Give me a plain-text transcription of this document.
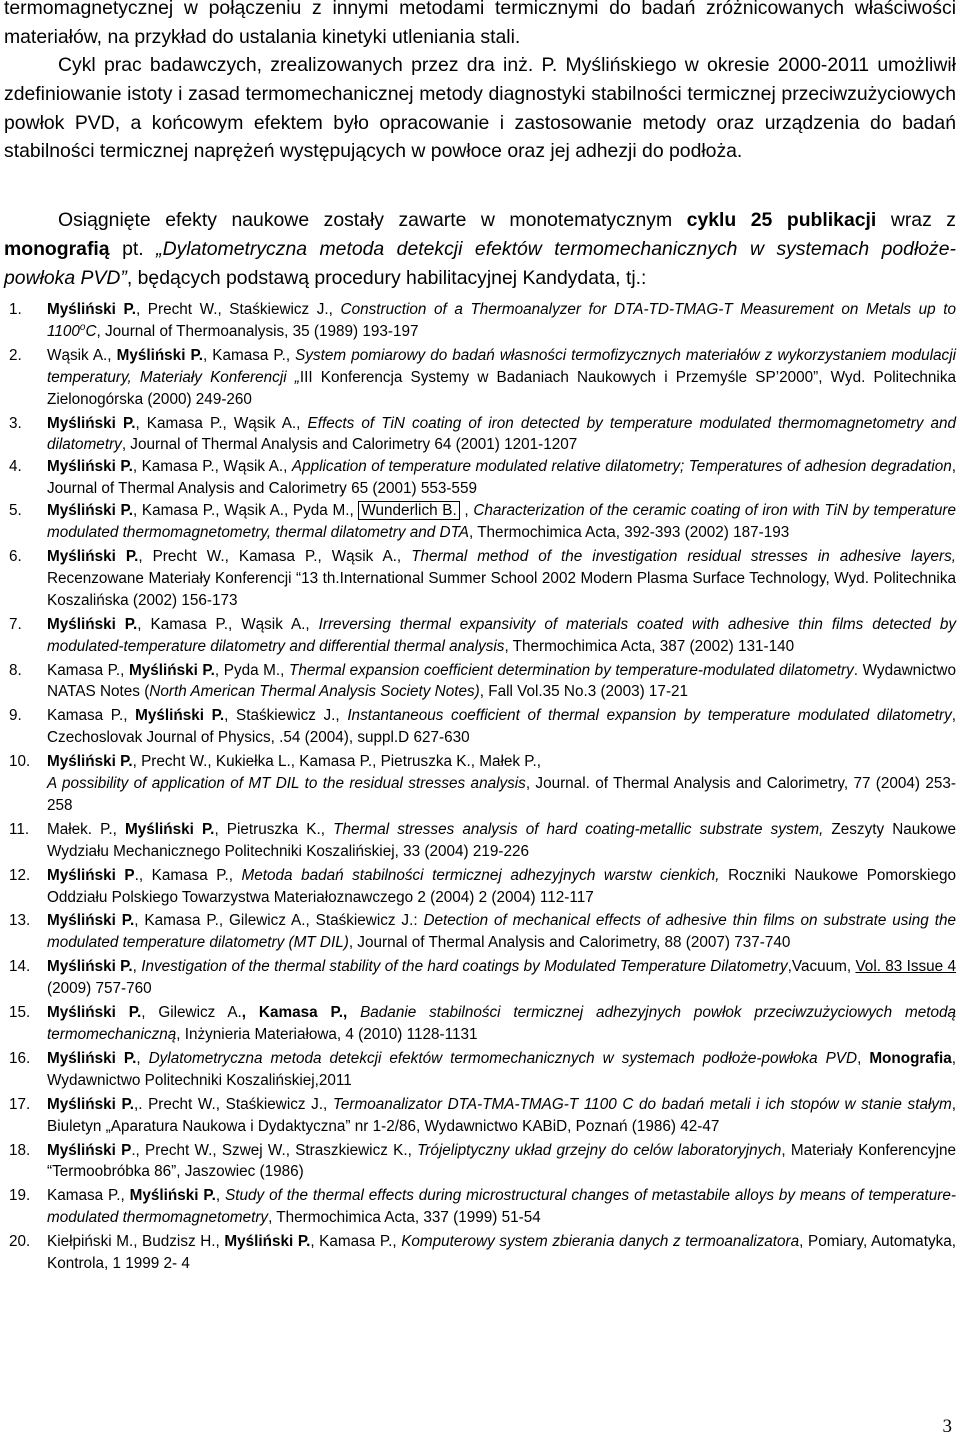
termomagnetycznej w połączeniu z innymi metodami termicznymi do badań zróżnicowanych właściwości materiałów, na przykład do ustalania kinetyki utleniania stali.

Cykl prac badawczych, zrealizowanych przez dra inż. P. Myślińskiego w okresie 2000-2011 umożliwił zdefiniowanie istoty i zasad termomechanicznej metody diagnostyki stabilności termicznej przeciwzużyciowych powłok PVD, a końcowym efektem było opracowanie i zastosowanie metody oraz urządzenia do badań stabilności termicznej naprężeń występujących w powłoce oraz jej adhezji do podłoża.

Osiągnięte efekty naukowe zostały zawarte w monotematycznym cyklu 25 publikacji wraz z monografią pt. „Dylatometryczna metoda detekcji efektów termomechanicznych w systemach podłoże-powłoka PVD”, będących podstawą procedury habilitacyjnej Kandydata, tj.:

1. Myśliński P., Precht W., Staśkiewicz J., Construction of a Thermoanalyzer for DTA-TD-TMAG-T Measurement on Metals up to 1100$^o$C, Journal of Thermoanalysis, 35 (1989) 193-197
2. Wąsik A., Myśliński P., Kamasa P., System pomiarowy do badań własności termofizycznych materiałów z wykorzystaniem modulacji temperatury, Materiały Konferencji „III Konferencja Systemy w Badaniach Naukowych i Przemyśle SP’2000”, Wyd. Politechnika Zielonogórska (2000) 249-260
3. Myśliński P., Kamasa P., Wąsik A., Effects of TiN coating of iron detected by temperature modulated thermomagnetometry and dilatometry, Journal of Thermal Analysis and Calorimetry 64 (2001) 1201-1207
4. Myśliński P., Kamasa P., Wąsik A., Application of temperature modulated relative dilatometry; Temperatures of adhesion degradation, Journal of Thermal Analysis and Calorimetry 65 (2001) 553-559
5. Myśliński P., Kamasa P., Wąsik A., Pyda M., Wunderlich B. , Characterization of the ceramic coating of iron with TiN by temperature modulated thermomagnetometry, thermal dilatometry and DTA, Thermochimica Acta, 392-393 (2002) 187-193
6. Myśliński P., Precht W., Kamasa P., Wąsik A., Thermal method of the investigation residual stresses in adhesive layers, Recenzowane Materiały Konferencji “13 th.International Summer School 2002 Modern Plasma Surface Technology, Wyd. Politechnika Koszalińska (2002) 156-173
7. Myśliński P., Kamasa P., Wąsik A., Irreversing thermal expansivity of materials coated with adhesive thin films detected by modulated-temperature dilatometry and differential thermal analysis, Thermochimica Acta, 387 (2002) 131-140
8. Kamasa P., Myśliński P., Pyda M., Thermal expansion coefficient determination by temperature-modulated dilatometry. Wydawnictwo NATAS Notes (North American Thermal Analysis Society Notes), Fall Vol.35 No.3 (2003) 17-21
9. Kamasa P., Myśliński P., Staśkiewicz J., Instantaneous coefficient of thermal expansion by temperature modulated dilatometry, Czechoslovak Journal of Physics, .54 (2004), suppl.D 627-630
10. Myśliński P., Precht W., Kukiełka L., Kamasa P., Pietruszka K., Małek P.,
A possibility of application of MT DIL to the residual stresses analysis, Journal. of Thermal Analysis and Calorimetry, 77 (2004) 253-258
11. Małek. P., Myśliński P., Pietruszka K., Thermal stresses analysis of hard coating-metallic substrate system, Zeszyty Naukowe Wydziału Mechanicznego Politechniki Koszalińskiej, 33 (2004) 219-226
12. Myśliński P., Kamasa P., Metoda badań stabilności termicznej adhezyjnych warstw cienkich, Roczniki Naukowe Pomorskiego Oddziału Polskiego Towarzystwa Materiałoznawczego 2 (2004) 2 (2004) 112-117
13. Myśliński P., Kamasa P., Gilewicz A., Staśkiewicz J.: Detection of mechanical effects of adhesive thin films on substrate using the modulated temperature dilatometry (MT DIL), Journal of Thermal Analysis and Calorimetry, 88 (2007) 737-740
14. Myśliński P., Investigation of the thermal stability of the hard coatings by Modulated Temperature Dilatometry,Vacuum, Vol. 83 Issue 4 (2009) 757-760
15. Myśliński P., Gilewicz A., Kamasa P., Badanie stabilności termicznej adhezyjnych powłok przeciwzużyciowych metodą termomechaniczną, Inżynieria Materiałowa, 4 (2010) 1128-1131
16. Myśliński P., Dylatometryczna metoda detekcji efektów termomechanicznych w systemach podłoże-powłoka PVD, Monografia, Wydawnictwo Politechniki Koszalińskiej,2011
17. Myśliński P.,. Precht W., Staśkiewicz J., Termoanalizator DTA-TMA-TMAG-T 1100 C do badań metali i ich stopów w stanie stałym, Biuletyn „Aparatura Naukowa i Dydaktyczna” nr 1-2/86, Wydawnictwo KABiD, Poznań (1986) 42-47
18. Myśliński P., Precht W., Szwej W., Straszkiewicz K., Trójeliptyczny układ grzejny do celów laboratoryjnych, Materiały Konferencyjne “Termoobróbka 86”, Jaszowiec (1986)
19. Kamasa P., Myśliński P., Study of the thermal effects during microstructural changes of metastabile alloys by means of temperature-modulated thermomagnetometry, Thermochimica Acta, 337 (1999) 51-54
20. Kiełpiński M., Budzisz H., Myśliński P., Kamasa P., Komputerowy system zbierania danych z termoanalizatora, Pomiary, Automatyka, Kontrola, 1 1999 2- 4
3
